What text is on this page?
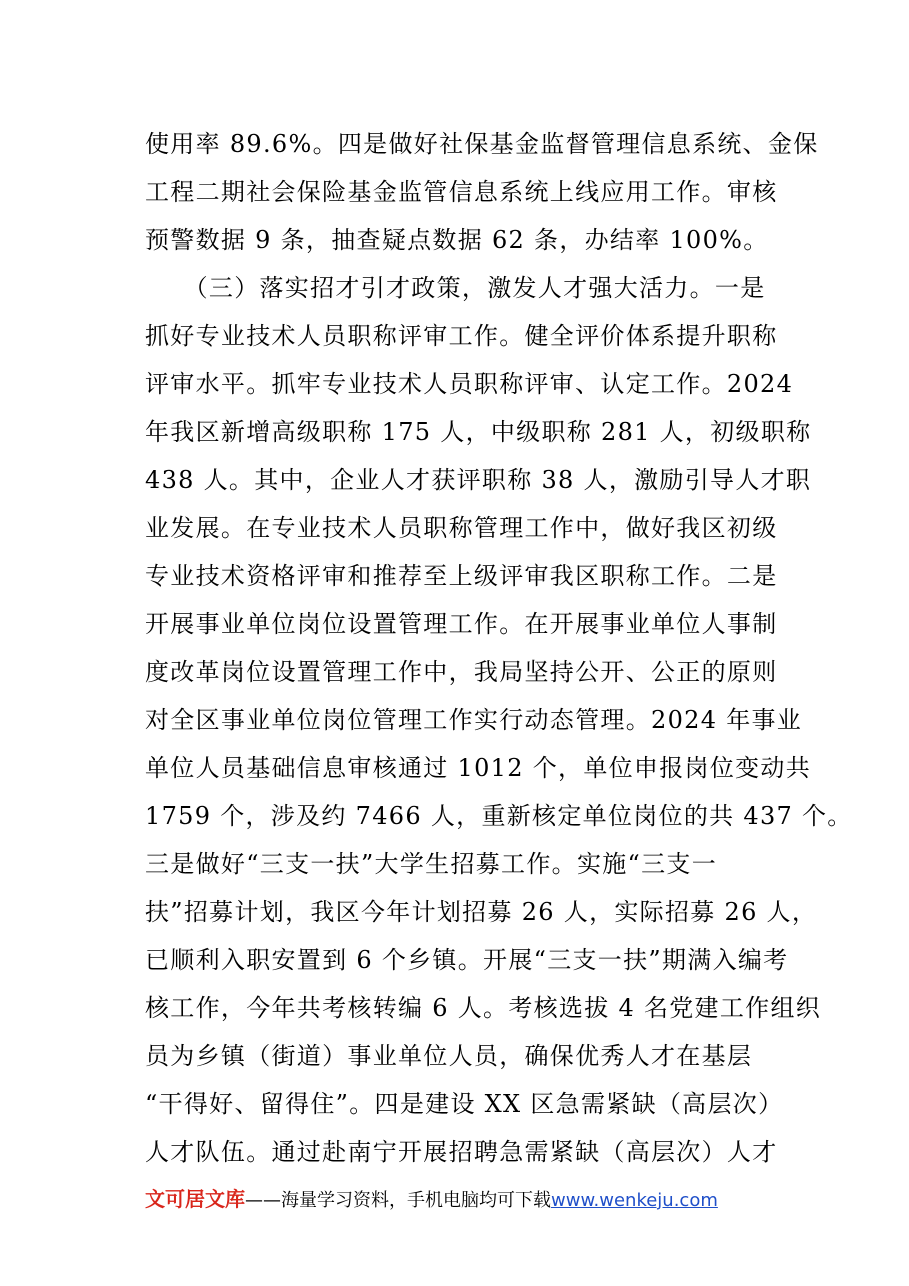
使用率 89.6%。四是做好社保基金监督管理信息系统、金保
工程二期社会保险基金监管信息系统上线应用工作。审核
预警数据 9 条，抽查疑点数据 62 条，办结率 100%。
　　（三）落实招才引才政策，激发人才强大活力。一是
抓好专业技术人员职称评审工作。健全评价体系提升职称
评审水平。抓牢专业技术人员职称评审、认定工作。2024
年我区新增高级职称 175 人，中级职称 281 人，初级职称
438 人。其中，企业人才获评职称 38 人，激励引导人才职
业发展。在专业技术人员职称管理工作中，做好我区初级
专业技术资格评审和推荐至上级评审我区职称工作。二是
开展事业单位岗位设置管理工作。在开展事业单位人事制
度改革岗位设置管理工作中，我局坚持公开、公正的原则
对全区事业单位岗位管理工作实行动态管理。2024 年事业
单位人员基础信息审核通过 1012 个，单位申报岗位变动共
1759 个，涉及约 7466 人，重新核定单位岗位的共 437 个。
三是做好“三支一扶”大学生招募工作。实施“三支一
扶”招募计划，我区今年计划招募 26 人，实际招募 26 人，
已顺利入职安置到 6 个乡镇。开展“三支一扶”期满入编考
核工作，今年共考核转编 6 人。考核选拔 4 名党建工作组织
员为乡镇（街道）事业单位人员，确保优秀人才在基层
“干得好、留得住”。四是建设 XX 区急需紧缺（高层次）
人才队伍。通过赴南宁开展招聘急需紧缺（高层次）人才
文可居文库——海量学习资料，手机电脑均可下载www.wenkeju.com
